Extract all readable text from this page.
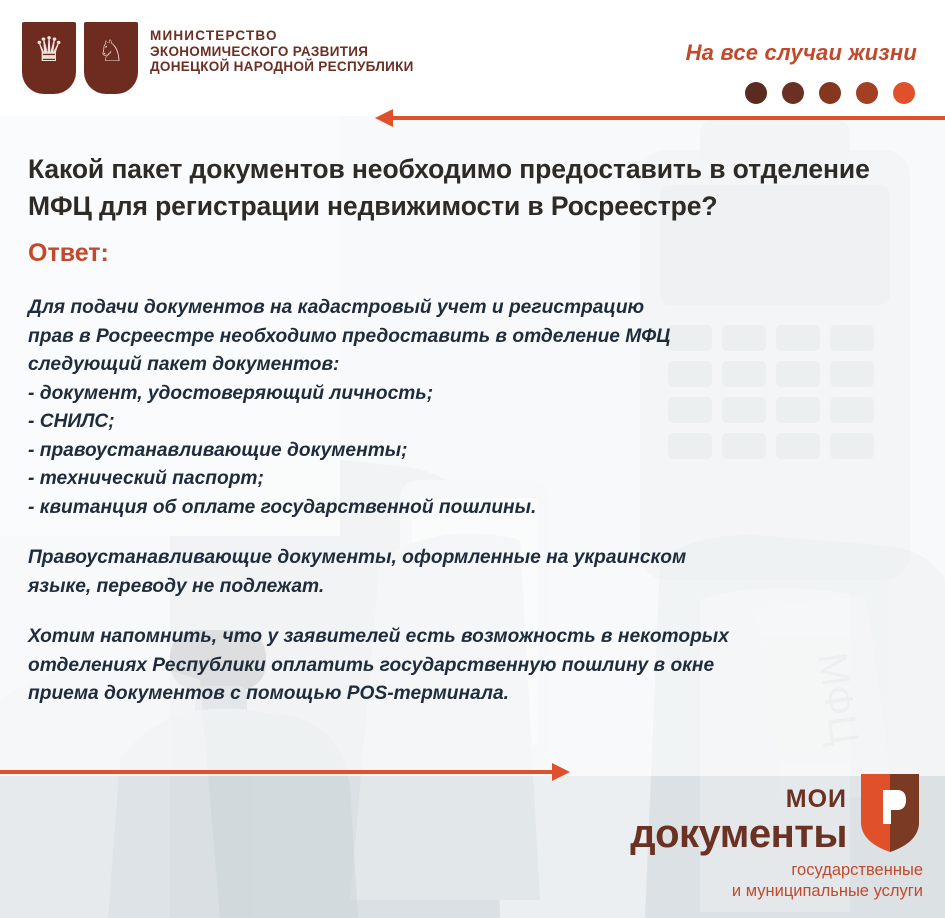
♛	♘	МИНИСТЕРСТВО
ЭКОНОМИЧЕСКОГО РАЗВИТИЯ
ДОНЕЦКОЙ НАРОДНОЙ РЕСПУБЛИКИ
На все случаи жизни
Какой пакет документов необходимо предоставить в отделение МФЦ для регистрации недвижимости в Росреестре?
Ответ:

Для подачи документов на кадастровый учет и регистрацию
прав в Росреестре необходимо предоставить в отделение МФЦ
следующий пакет документов:
- документ, удостоверяющий личность;
- СНИЛС;
- правоустанавливающие документы;
- технический паспорт;
- квитанция об оплате государственной пошлины.

Правоустанавливающие документы, оформленные на украинском
языке, переводу не подлежат.

Хотим напомнить, что у заявителей есть возможность в некоторых
отделениях Республики оплатить государственную пошлину в окне
приема документов с помощью POS-терминала.

МОИ
документы
государственные
и муниципальные услуги
